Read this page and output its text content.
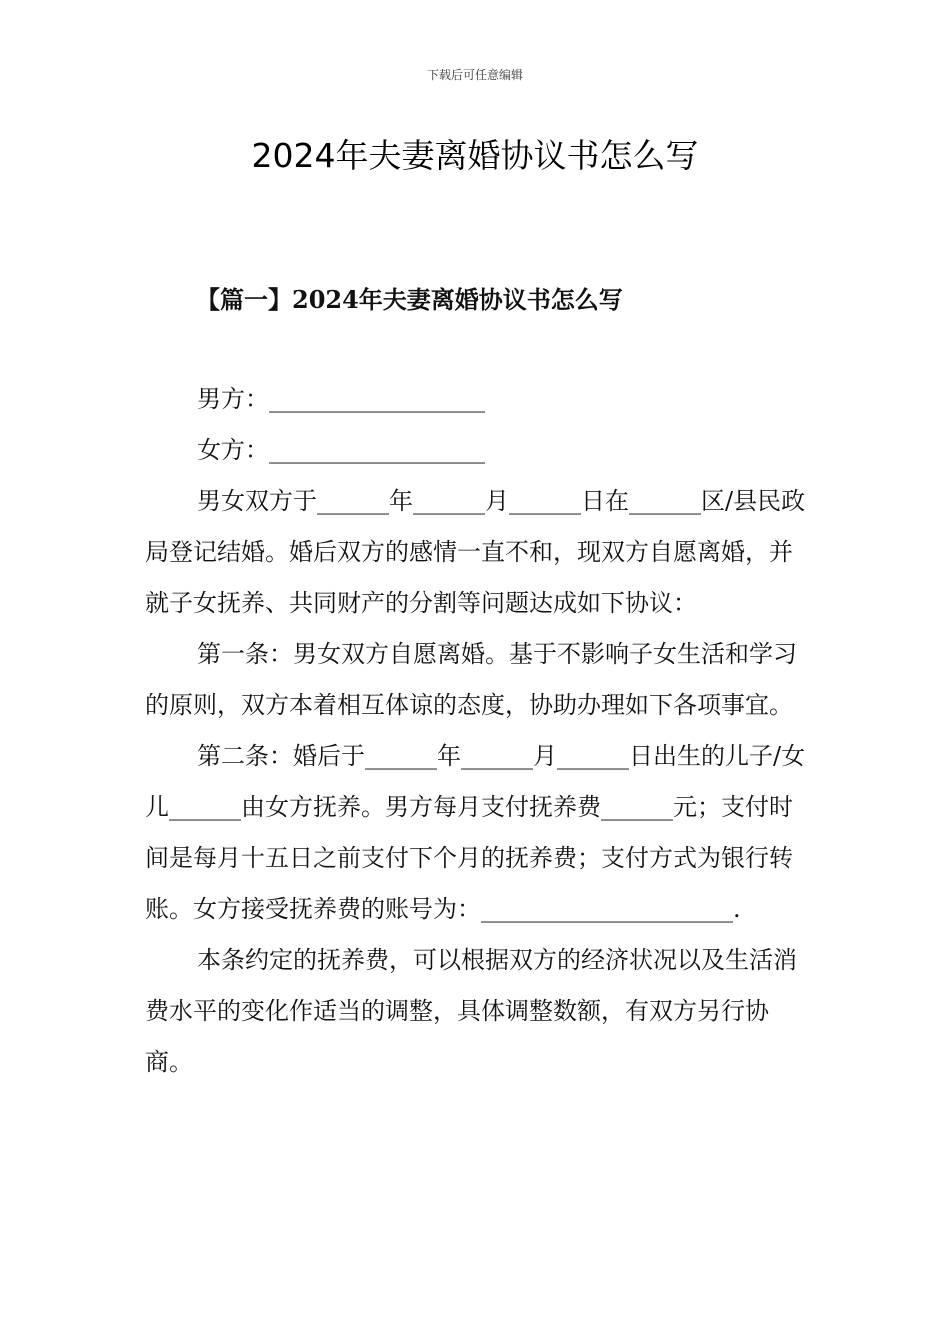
下载后可任意编辑
2024年夫妻离婚协议书怎么写
【篇一】2024年夫妻离婚协议书怎么写

男方：__________________

女方：__________________

男女双方于______年______月______日在______区/县民政局登记结婚。婚后双方的感情一直不和，现双方自愿离婚，并就子女抚养、共同财产的分割等问题达成如下协议：

第一条：男女双方自愿离婚。基于不影响子女生活和学习的原则，双方本着相互体谅的态度，协助办理如下各项事宜。

第二条：婚后于______年______月______日出生的儿子/女儿______由女方抚养。男方每月支付抚养费______元；支付时间是每月十五日之前支付下个月的抚养费；支付方式为银行转账。女方接受抚养费的账号为：_____________________.

本条约定的抚养费，可以根据双方的经济状况以及生活消费水平的变化作适当的调整，具体调整数额，有双方另行协商。
